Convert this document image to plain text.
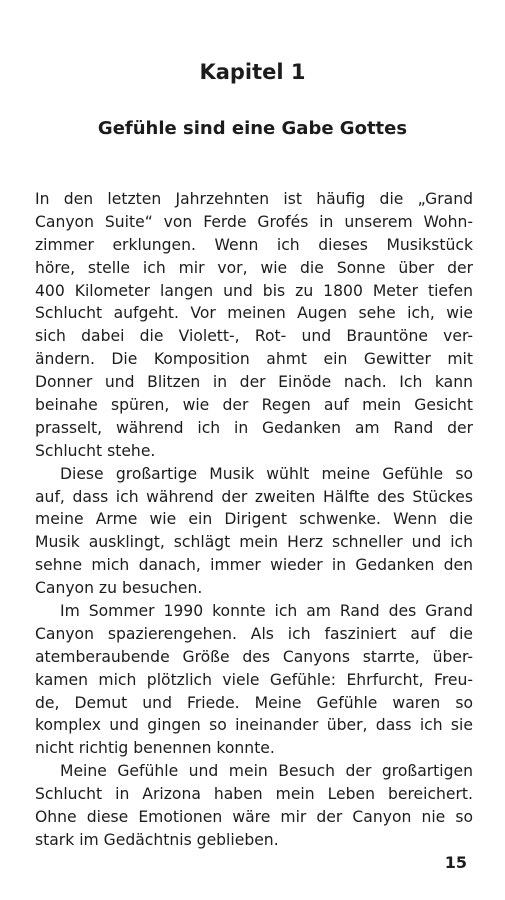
Kapitel 1
Gefühle sind eine Gabe Gottes
In den letzten Jahrzehnten ist häufig die „Grand
Canyon Suite“ von Ferde Grofés in unserem Wohn-
zimmer erklungen. Wenn ich dieses Musikstück
höre, stelle ich mir vor, wie die Sonne über der
400 Kilometer langen und bis zu 1800 Meter tiefen
Schlucht aufgeht. Vor meinen Augen sehe ich, wie
sich dabei die Violett-, Rot- und Brauntöne ver-
ändern. Die Komposition ahmt ein Gewitter mit
Donner und Blitzen in der Einöde nach. Ich kann
beinahe spüren, wie der Regen auf mein Gesicht
prasselt, während ich in Gedanken am Rand der
Schlucht stehe.
Diese großartige Musik wühlt meine Gefühle so
auf, dass ich während der zweiten Hälfte des Stückes
meine Arme wie ein Dirigent schwenke. Wenn die
Musik ausklingt, schlägt mein Herz schneller und ich
sehne mich danach, immer wieder in Gedanken den
Canyon zu besuchen.
Im Sommer 1990 konnte ich am Rand des Grand
Canyon spazierengehen. Als ich fasziniert auf die
atemberaubende Größe des Canyons starrte, über-
kamen mich plötzlich viele Gefühle: Ehrfurcht, Freu-
de, Demut und Friede. Meine Gefühle waren so
komplex und gingen so ineinander über, dass ich sie
nicht richtig benennen konnte.
Meine Gefühle und mein Besuch der großartigen
Schlucht in Arizona haben mein Leben bereichert.
Ohne diese Emotionen wäre mir der Canyon nie so
stark im Gedächtnis geblieben.
15
